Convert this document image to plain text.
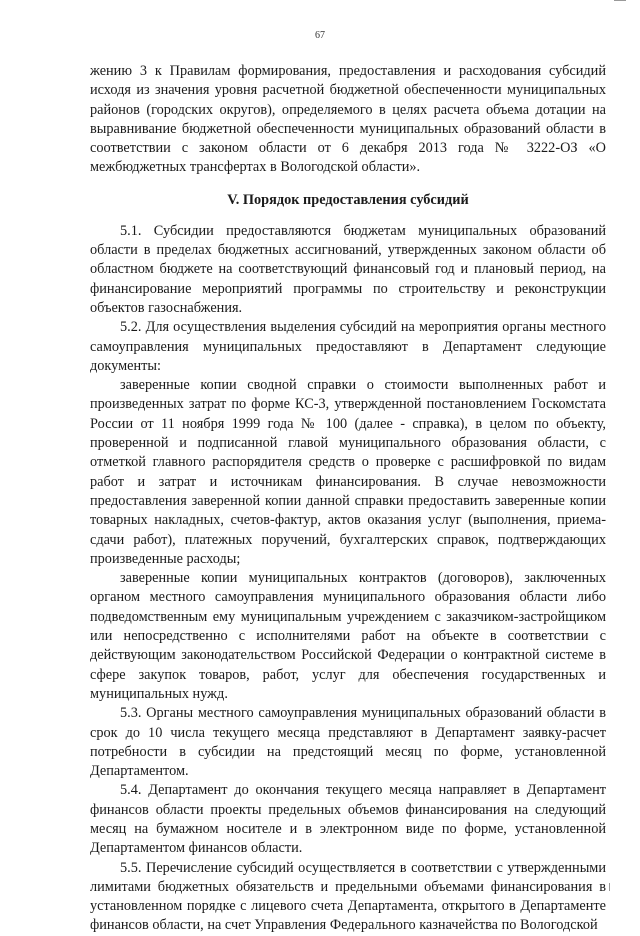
67

жению 3 к Правилам формирования, предоставления и расходования субсидий исходя из значения уровня расчетной бюджетной обеспеченности муниципальных районов (городских округов), определяемого в целях расчета объема дотации на выравнивание бюджетной обеспеченности муниципальных образований области в соответствии с законом области от 6 декабря 2013 года № 3222-ОЗ «О межбюджетных трансфертах в Вологодской области».

V. Порядок предоставления субсидий

5.1. Субсидии предоставляются бюджетам муниципальных образований области в пределах бюджетных ассигнований, утвержденных законом области об областном бюджете на соответствующий финансовый год и плановый период, на финансирование мероприятий программы по строительству и реконструкции объектов газоснабжения.

5.2. Для осуществления выделения субсидий на мероприятия органы местного самоуправления муниципальных предоставляют в Департамент следующие документы:

заверенные копии сводной справки о стоимости выполненных работ и произведенных затрат по форме КС-3, утвержденной постановлением Госкомстата России от 11 ноября 1999 года № 100 (далее - справка), в целом по объекту, проверенной и подписанной главой муниципального образования области, с отметкой главного распорядителя средств о проверке с расшифровкой по видам работ и затрат и источникам финансирования. В случае невозможности предоставления заверенной копии данной справки предоставить заверенные копии товарных накладных, счетов-фактур, актов оказания услуг (выполнения, приема-сдачи работ), платежных поручений, бухгалтерских справок, подтверждающих произведенные расходы;

заверенные копии муниципальных контрактов (договоров), заключенных органом местного самоуправления муниципального образования области либо подведомственным ему муниципальным учреждением с заказчиком-застройщиком или непосредственно с исполнителями работ на объекте в соответствии с действующим законодательством Российской Федерации о контрактной системе в сфере закупок товаров, работ, услуг для обеспечения государственных и муниципальных нужд.

5.3. Органы местного самоуправления муниципальных образований области в срок до 10 числа текущего месяца представляют в Департамент заявку-расчет потребности в субсидии на предстоящий месяц по форме, установленной Департаментом.

5.4. Департамент до окончания текущего месяца направляет в Департамент финансов области проекты предельных объемов финансирования на следующий месяц на бумажном носителе и в электронном виде по форме, установленной Департаментом финансов области.

5.5. Перечисление субсидий осуществляется в соответствии с утвержденными лимитами бюджетных обязательств и предельными объемами финансирования в установленном порядке с лицевого счета Департамента, открытого в Департаменте финансов области, на счет Управления Федерального казначейства по Вологодской
